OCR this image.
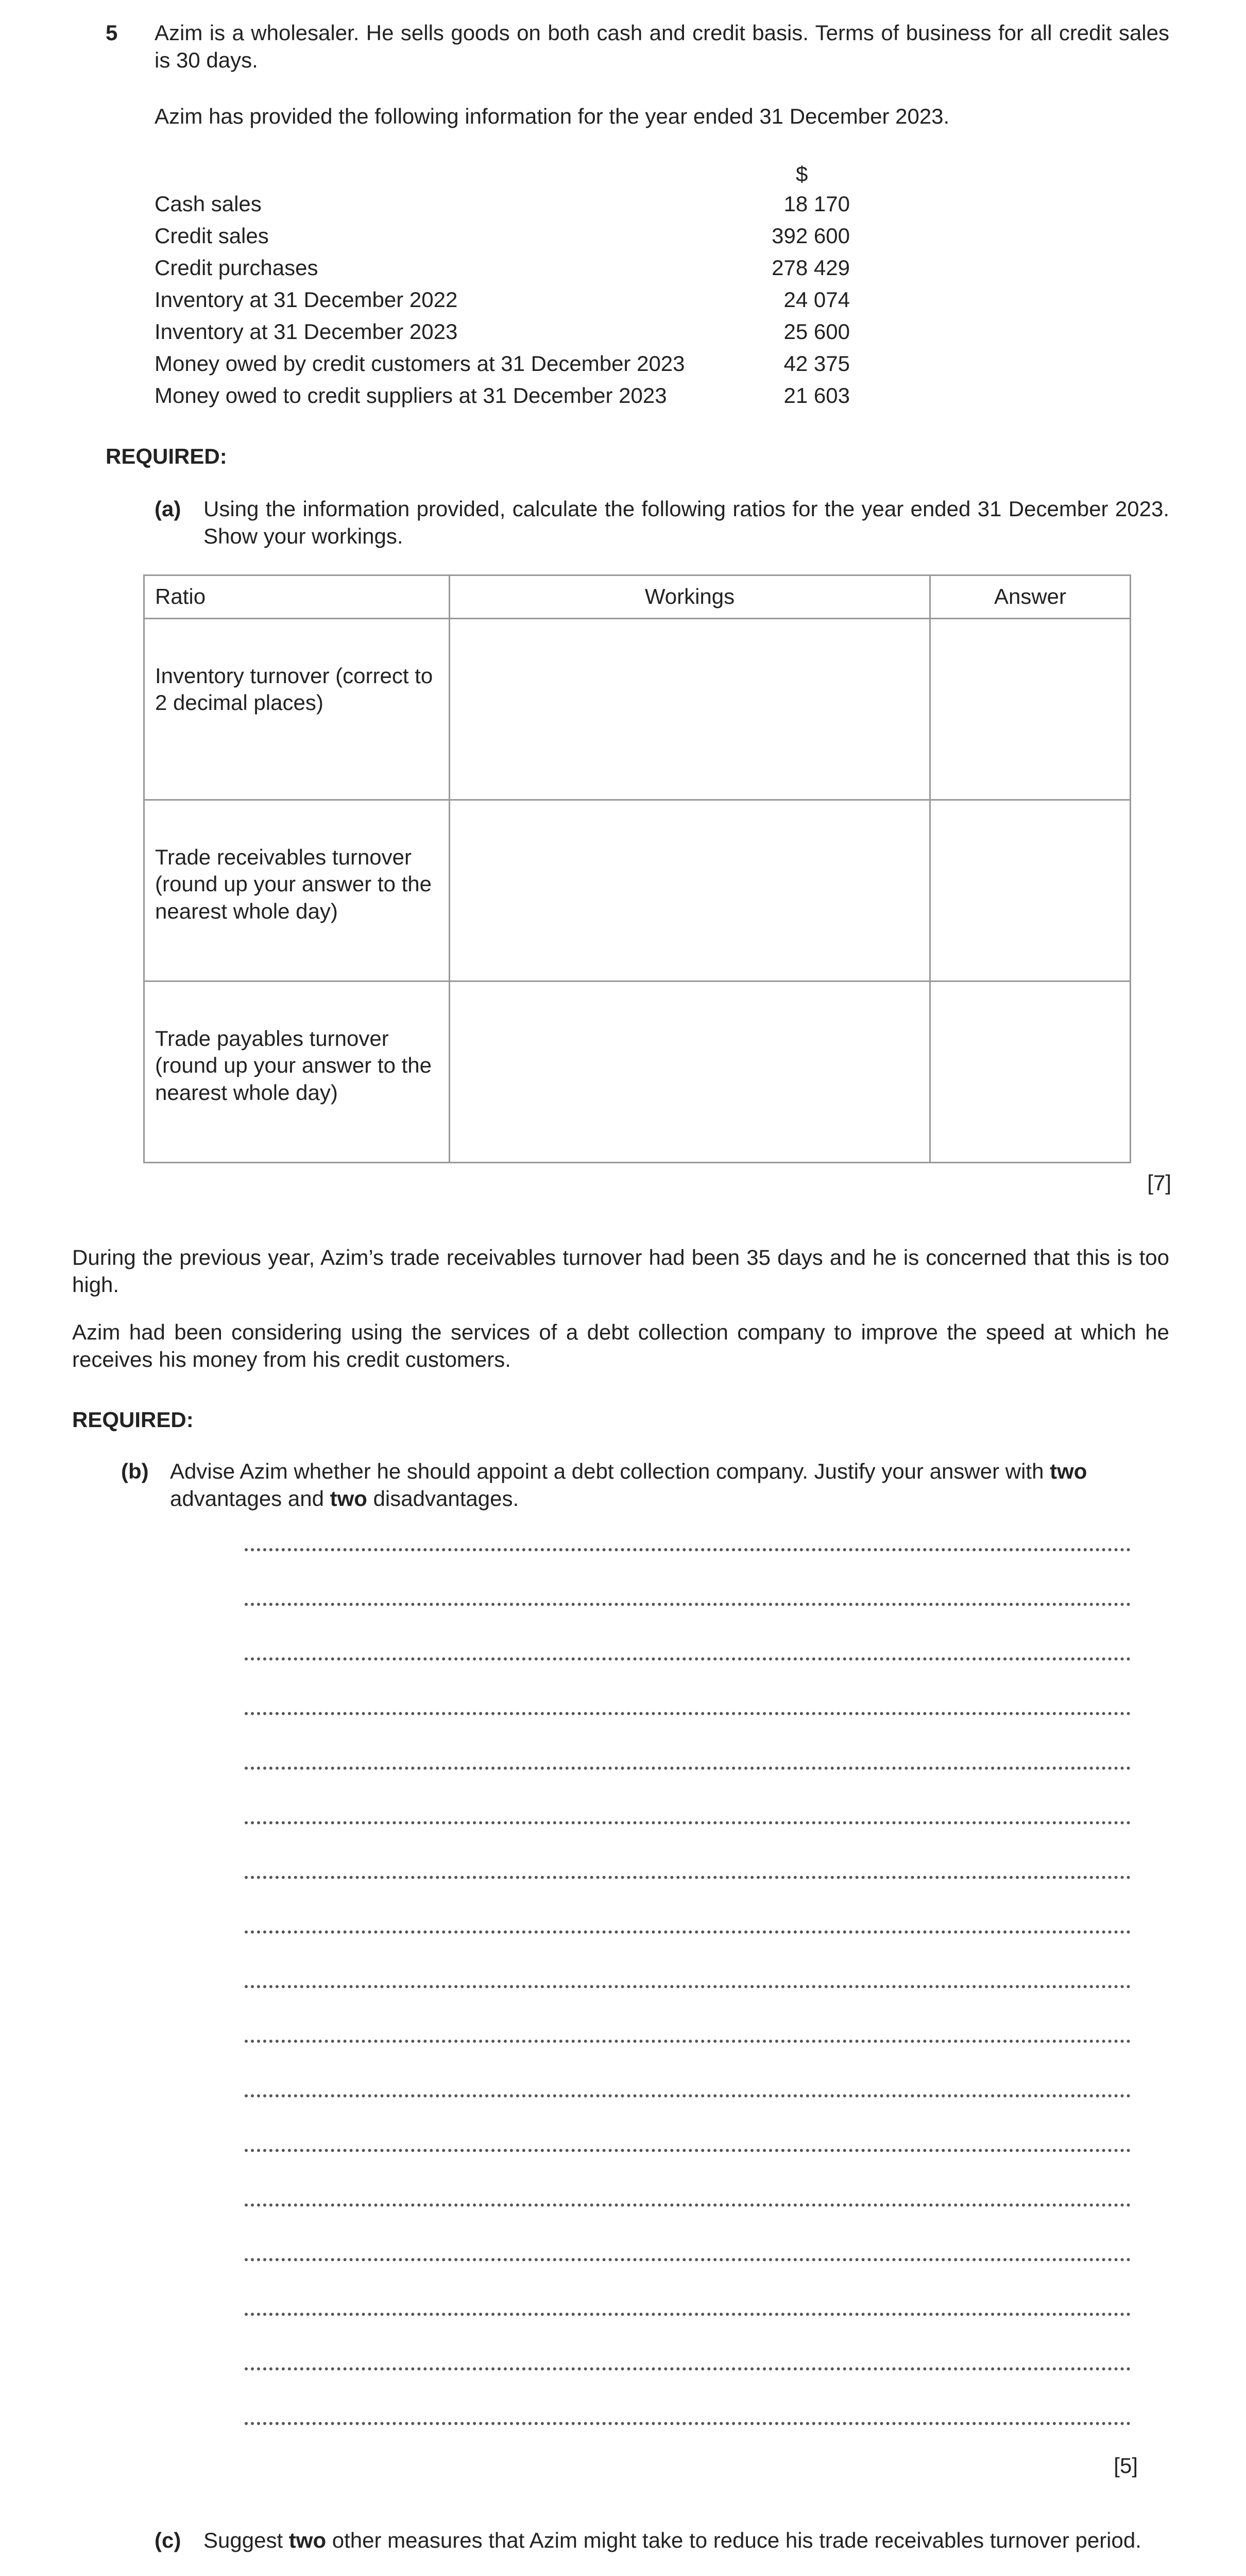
5 Azim is a wholesaler. He sells goods on both cash and credit basis. Terms of business for all credit sales is 30 days.
Azim has provided the following information for the year ended 31 December 2023.
$
Cash sales	18 170
Credit sales	392 600
Credit purchases	278 429
Inventory at 31 December 2022	24 074
Inventory at 31 December 2023	25 600
Money owed by credit customers at 31 December 2023	42 375
Money owed to credit suppliers at 31 December 2023	21 603
REQUIRED:
(a) Using the information provided, calculate the following ratios for the year ended 31 December 2023. Show your workings.
Ratio	Workings	Answer
Inventory turnover (correct to 2 decimal places)		
Trade receivables turnover (round up your answer to the nearest whole day)		
Trade payables turnover (round up your answer to the nearest whole day)		
[7]
During the previous year, Azim’s trade receivables turnover had been 35 days and he is concerned that this is too high.
Azim had been considering using the services of a debt collection company to improve the speed at which he receives his money from his credit customers.
REQUIRED:
(b) Advise Azim whether he should appoint a debt collection company. Justify your answer with two advantages and two disadvantages.
[5]
(c) Suggest two other measures that Azim might take to reduce his trade receivables turnover period.
